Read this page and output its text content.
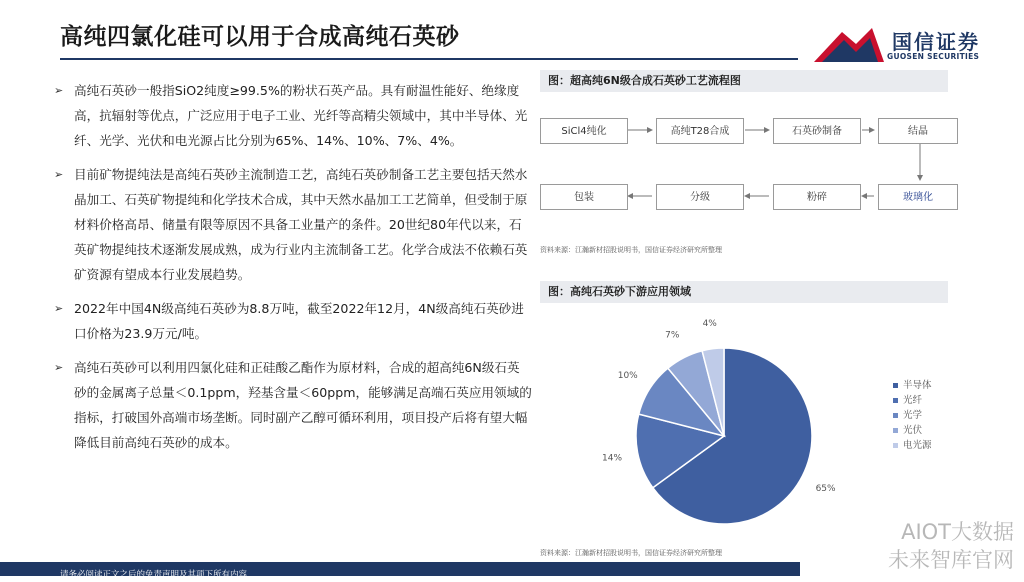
高纯四氯化硅可以用于合成高纯石英砂	国信证券
GUOSEN SECURITIES
➢ 高纯石英砂一般指SiO2纯度≥99.5%的粉状石英产品。具有耐温性能好、绝缘度高，抗辐射等优点，广泛应用于电子工业、光纤等高精尖领域中，其中半导体、光纤、光学、光伏和电光源占比分别为65%、14%、10%、7%、4%。
➢ 目前矿物提纯法是高纯石英砂主流制造工艺，高纯石英砂制备工艺主要包括天然水晶加工、石英矿物提纯和化学技术合成，其中天然水晶加工工艺简单，但受制于原材料价格高昂、储量有限等原因不具备工业量产的条件。20世纪80年代以来，石英矿物提纯技术逐渐发展成熟，成为行业内主流制备工艺。化学合成法不依赖石英矿资源有望成本行业发展趋势。
➢ 2022年中国4N级高纯石英砂为8.8万吨，截至2022年12月，4N级高纯石英砂进口价格为23.9万元/吨。
➢ 高纯石英砂可以利用四氯化硅和正硅酸乙酯作为原材料，合成的超高纯6N级石英砂的金属离子总量＜0.1ppm，羟基含量＜60ppm，能够满足高端石英应用领域的指标，打破国外高端市场垄断。同时副产乙醇可循环利用，项目投产后将有望大幅降低目前高纯石英砂的成本。
图：超高纯6N级合成石英砂工艺流程图
SiCl4纯化	高纯T28合成	石英砂制备	结晶
包装	分级	粉碎	玻璃化
资料来源：江瀚新材招股说明书，国信证券经济研究所整理
图：高纯石英砂下游应用领域
65%
14%
10%
7%
4%
半导体
光纤
光学
光伏
电光源
资料来源：江瀚新材招股说明书，国信证券经济研究所整理
请务必阅读正文之后的免责声明及其项下所有内容
AIOT大数据
未来智库官网
